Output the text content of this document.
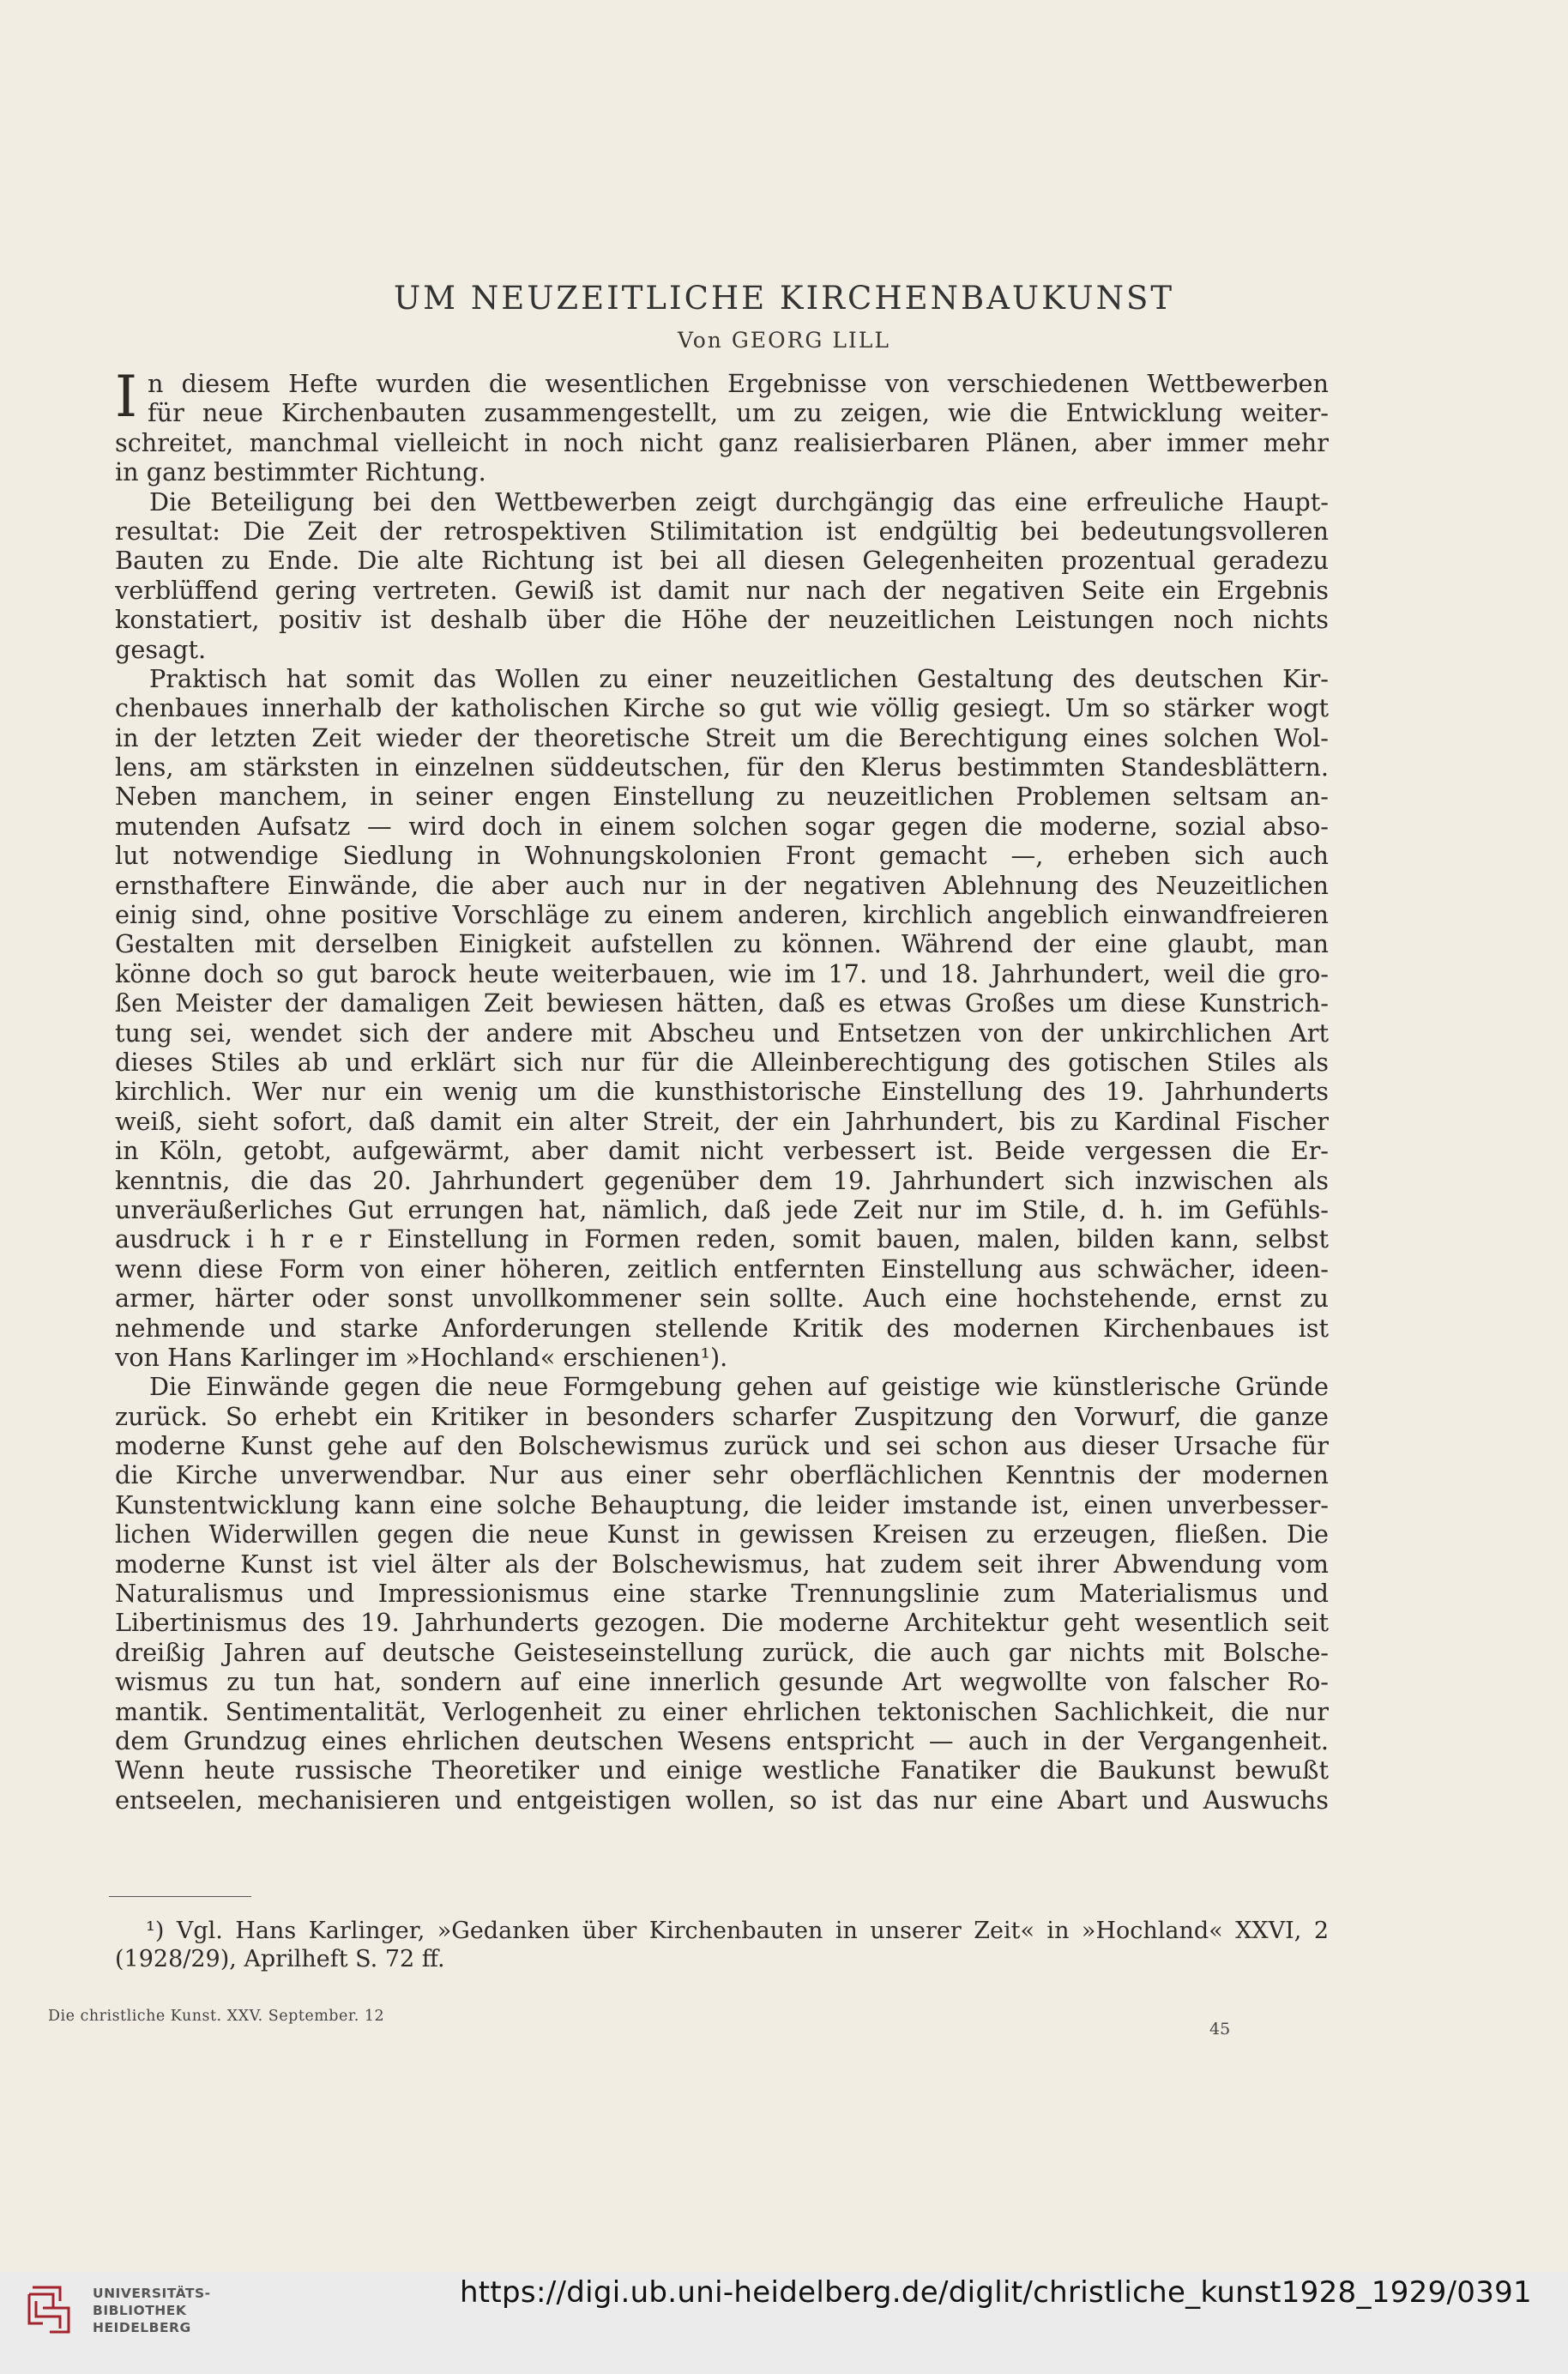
UM NEUZEITLICHE KIRCHENBAUKUNST
Von GEORG LILL
I n diesem Hefte wurden die wesentlichen Ergebnisse von verschiedenen Wettbewerben
für neue Kirchenbauten zusammengestellt, um zu zeigen, wie die Entwicklung weiter-
schreitet, manchmal vielleicht in noch nicht ganz realisierbaren Plänen, aber immer mehr
in ganz bestimmter Richtung.
Die Beteiligung bei den Wettbewerben zeigt durchgängig das eine erfreuliche Haupt-
resultat: Die Zeit der retrospektiven Stilimitation ist endgültig bei bedeutungsvolleren
Bauten zu Ende. Die alte Richtung ist bei all diesen Gelegenheiten prozentual geradezu
verblüffend gering vertreten. Gewiß ist damit nur nach der negativen Seite ein Ergebnis
konstatiert, positiv ist deshalb über die Höhe der neuzeitlichen Leistungen noch nichts
gesagt.
Praktisch hat somit das Wollen zu einer neuzeitlichen Gestaltung des deutschen Kir-
chenbaues innerhalb der katholischen Kirche so gut wie völlig gesiegt. Um so stärker wogt
in der letzten Zeit wieder der theoretische Streit um die Berechtigung eines solchen Wol-
lens, am stärksten in einzelnen süddeutschen, für den Klerus bestimmten Standesblättern.
Neben manchem, in seiner engen Einstellung zu neuzeitlichen Problemen seltsam an-
mutenden Aufsatz — wird doch in einem solchen sogar gegen die moderne, sozial abso-
lut notwendige Siedlung in Wohnungskolonien Front gemacht —, erheben sich auch
ernsthaftere Einwände, die aber auch nur in der negativen Ablehnung des Neuzeitlichen
einig sind, ohne positive Vorschläge zu einem anderen, kirchlich angeblich einwandfreieren
Gestalten mit derselben Einigkeit aufstellen zu können. Während der eine glaubt, man
könne doch so gut barock heute weiterbauen, wie im 17. und 18. Jahrhundert, weil die gro-
ßen Meister der damaligen Zeit bewiesen hätten, daß es etwas Großes um diese Kunstrich-
tung sei, wendet sich der andere mit Abscheu und Entsetzen von der unkirchlichen Art
dieses Stiles ab und erklärt sich nur für die Alleinberechtigung des gotischen Stiles als
kirchlich. Wer nur ein wenig um die kunsthistorische Einstellung des 19. Jahrhunderts
weiß, sieht sofort, daß damit ein alter Streit, der ein Jahrhundert, bis zu Kardinal Fischer
in Köln, getobt, aufgewärmt, aber damit nicht verbessert ist. Beide vergessen die Er-
kenntnis, die das 20. Jahrhundert gegenüber dem 19. Jahrhundert sich inzwischen als
unveräußerliches Gut errungen hat, nämlich, daß jede Zeit nur im Stile, d. h. im Gefühls-
ausdruck i h r e r Einstellung in Formen reden, somit bauen, malen, bilden kann, selbst
wenn diese Form von einer höheren, zeitlich entfernten Einstellung aus schwächer, ideen-
armer, härter oder sonst unvollkommener sein sollte. Auch eine hochstehende, ernst zu
nehmende und starke Anforderungen stellende Kritik des modernen Kirchenbaues ist
von Hans Karlinger im »Hochland« erschienen¹).
Die Einwände gegen die neue Formgebung gehen auf geistige wie künstlerische Gründe
zurück. So erhebt ein Kritiker in besonders scharfer Zuspitzung den Vorwurf, die ganze
moderne Kunst gehe auf den Bolschewismus zurück und sei schon aus dieser Ursache für
die Kirche unverwendbar. Nur aus einer sehr oberflächlichen Kenntnis der modernen
Kunstentwicklung kann eine solche Behauptung, die leider imstande ist, einen unverbesser-
lichen Widerwillen gegen die neue Kunst in gewissen Kreisen zu erzeugen, fließen. Die
moderne Kunst ist viel älter als der Bolschewismus, hat zudem seit ihrer Abwendung vom
Naturalismus und Impressionismus eine starke Trennungslinie zum Materialismus und
Libertinismus des 19. Jahrhunderts gezogen. Die moderne Architektur geht wesentlich seit
dreißig Jahren auf deutsche Geisteseinstellung zurück, die auch gar nichts mit Bolsche-
wismus zu tun hat, sondern auf eine innerlich gesunde Art wegwollte von falscher Ro-
mantik. Sentimentalität, Verlogenheit zu einer ehrlichen tektonischen Sachlichkeit, die nur
dem Grundzug eines ehrlichen deutschen Wesens entspricht — auch in der Vergangenheit.
Wenn heute russische Theoretiker und einige westliche Fanatiker die Baukunst bewußt
entseelen, mechanisieren und entgeistigen wollen, so ist das nur eine Abart und Auswuchs
¹) Vgl. Hans Karlinger, »Gedanken über Kirchenbauten in unserer Zeit« in »Hochland« XXVI, 2
(1928/29), Aprilheft S. 72 ff.
Die christliche Kunst. XXV. September. 12
45
UNIVERSITÄTS-
BIBLIOTHEK
HEIDELBERG
https://digi.ub.uni-heidelberg.de/diglit/christliche_kunst1928_1929/0391
